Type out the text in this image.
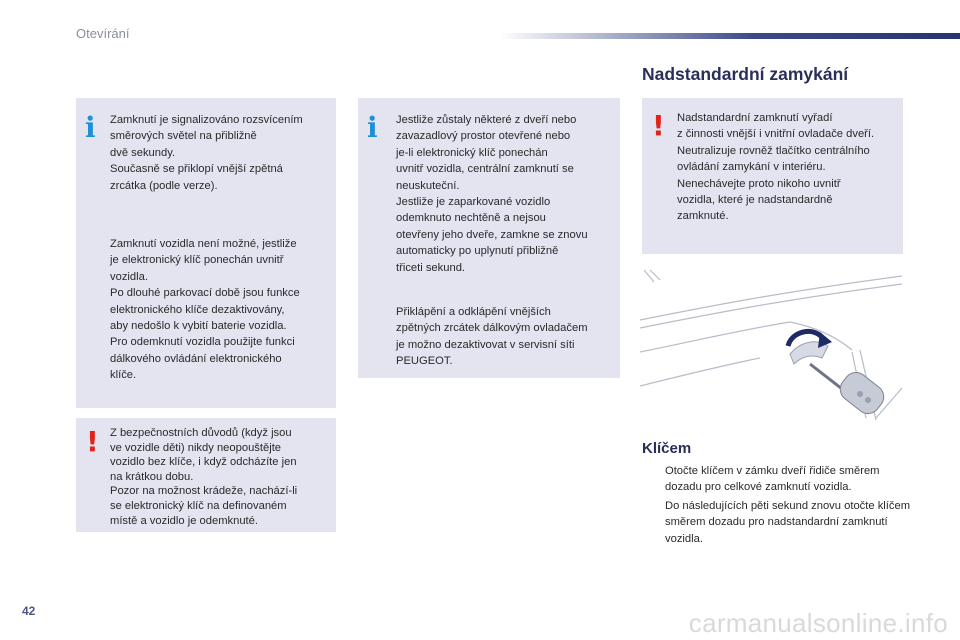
Otevírání
i Zamknutí je signalizováno rozsvícením
směrových světel na přibližně
dvě sekundy.
Současně se přiklopí vnější zpětná
zrcátka (podle verze).

Zamknutí vozidla není možné, jestliže
je elektronický klíč ponechán uvnitř
vozidla.
Po dlouhé parkovací době jsou funkce
elektronického klíče dezaktivovány,
aby nedošlo k vybití baterie vozidla.
Pro odemknutí vozidla použijte funkci
dálkového ovládání elektronického
klíče.

! Z bezpečnostních důvodů (když jsou
ve vozidle děti) nikdy neopouštějte
vozidlo bez klíče, i když odcházíte jen
na krátkou dobu.
Pozor na možnost krádeže, nachází-li
se elektronický klíč na definovaném
místě a vozidlo je odemknuté.

i Jestliže zůstaly některé z dveří nebo
zavazadlový prostor otevřené nebo
je-li elektronický klíč ponechán
uvnitř vozidla, centrální zamknutí se
neuskuteční.
Jestliže je zaparkované vozidlo
odemknuto nechtěně a nejsou
otevřeny jeho dveře, zamkne se znovu
automaticky po uplynutí přibližně
třiceti sekund.

Přiklápění a odklápění vnějších
zpětných zrcátek dálkovým ovladačem
je možno dezaktivovat v servisní síti
PEUGEOT.

Nadstandardní zamykání
! Nadstandardní zamknutí vyřadí
z činnosti vnější i vnitřní ovladače dveří.
Neutralizuje rovněž tlačítko centrálního
ovládání zamykání v interiéru.
Nenechávejte proto nikoho uvnitř
vozidla, které je nadstandardně
zamknuté.

Klíčem
Otočte klíčem v zámku dveří řidiče směrem dozadu pro celkové zamknutí vozidla.
Do následujících pěti sekund znovu otočte klíčem směrem dozadu pro nadstandardní zamknutí vozidla.
42	carmanualsonline.info
